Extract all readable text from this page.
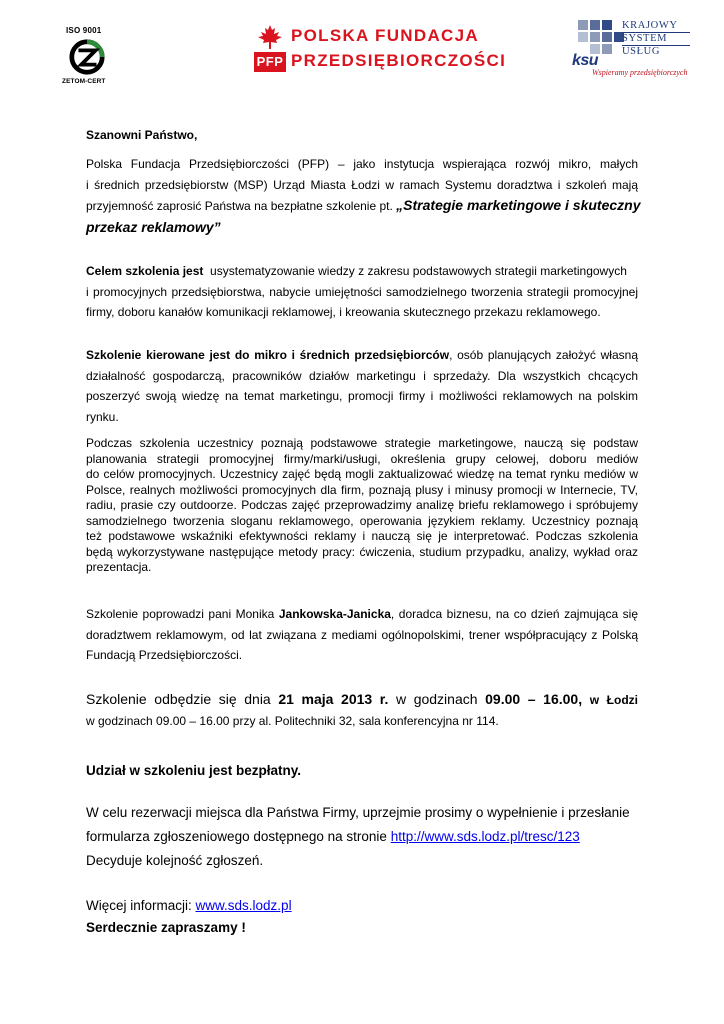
ISO 9001
ZETOM-CERT
PFP
POLSKA FUNDACJA
PRZEDSIĘBIORCZOŚCI	ksu
KRAJOWY
SYSTEM
USŁUG
Wspieramy przedsiębiorczych
Szanowni Państwo,
Polska Fundacja Przedsiębiorczości (PFP) – jako instytucja wspierająca rozwój mikro, małych
i średnich przedsiębiorstw (MSP) Urząd Miasta Łodzi w ramach Systemu doradztwa i szkoleń mają
przyjemność zaprosić Państwa na bezpłatne szkolenie pt. „Strategie marketingowe i skuteczny
przekaz reklamowy”
Celem szkolenia jest  usystematyzowanie wiedzy z zakresu podstawowych strategii marketingowych
i promocyjnych przedsiębiorstwa, nabycie umiejętności samodzielnego tworzenia strategii promocyjnej
firmy, doboru kanałów komunikacji reklamowej, i kreowania skutecznego przekazu reklamowego.
Szkolenie kierowane jest do mikro i średnich przedsiębiorców, osób planujących założyć własną
działalność gospodarczą, pracowników działów marketingu i sprzedaży. Dla wszystkich chcących
poszerzyć swoją wiedzę na temat marketingu, promocji firmy i możliwości reklamowych na polskim
rynku.
Podczas szkolenia uczestnicy poznają podstawowe strategie marketingowe, nauczą się podstaw
planowania strategii promocyjnej firmy/marki/usługi, określenia grupy celowej, doboru mediów
do celów promocyjnych. Uczestnicy zajęć będą mogli zaktualizować wiedzę na temat rynku mediów w
Polsce, realnych możliwości promocyjnych dla firm, poznają plusy i minusy promocji w Internecie, TV,
radiu, prasie czy outdoorze. Podczas zajęć przeprowadzimy analizę briefu reklamowego i spróbujemy
samodzielnego tworzenia sloganu reklamowego, operowania językiem reklamy. Uczestnicy poznają
też podstawowe wskaźniki efektywności reklamy i nauczą się je interpretować. Podczas szkolenia
będą wykorzystywane następujące metody pracy: ćwiczenia, studium przypadku, analizy, wykład oraz
prezentacja.
Szkolenie poprowadzi pani Monika Jankowska-Janicka, doradca biznesu, na co dzień zajmująca się
doradztwem reklamowym, od lat związana z mediami ogólnopolskimi, trener współpracujący z Polską
Fundacją Przedsiębiorczości.
Szkolenie odbędzie się dnia 21 maja 2013 r. w godzinach 09.00 – 16.00, w Łodzi
w godzinach 09.00 – 16.00 przy al. Politechniki 32, sala konferencyjna nr 114.
Udział w szkoleniu jest bezpłatny.
W celu rezerwacji miejsca dla Państwa Firmy, uprzejmie prosimy o wypełnienie i przesłanie
formularza zgłoszeniowego dostępnego na stronie http://www.sds.lodz.pl/tresc/123
Decyduje kolejność zgłoszeń.
Więcej informacji: www.sds.lodz.pl
Serdecznie zapraszamy !
